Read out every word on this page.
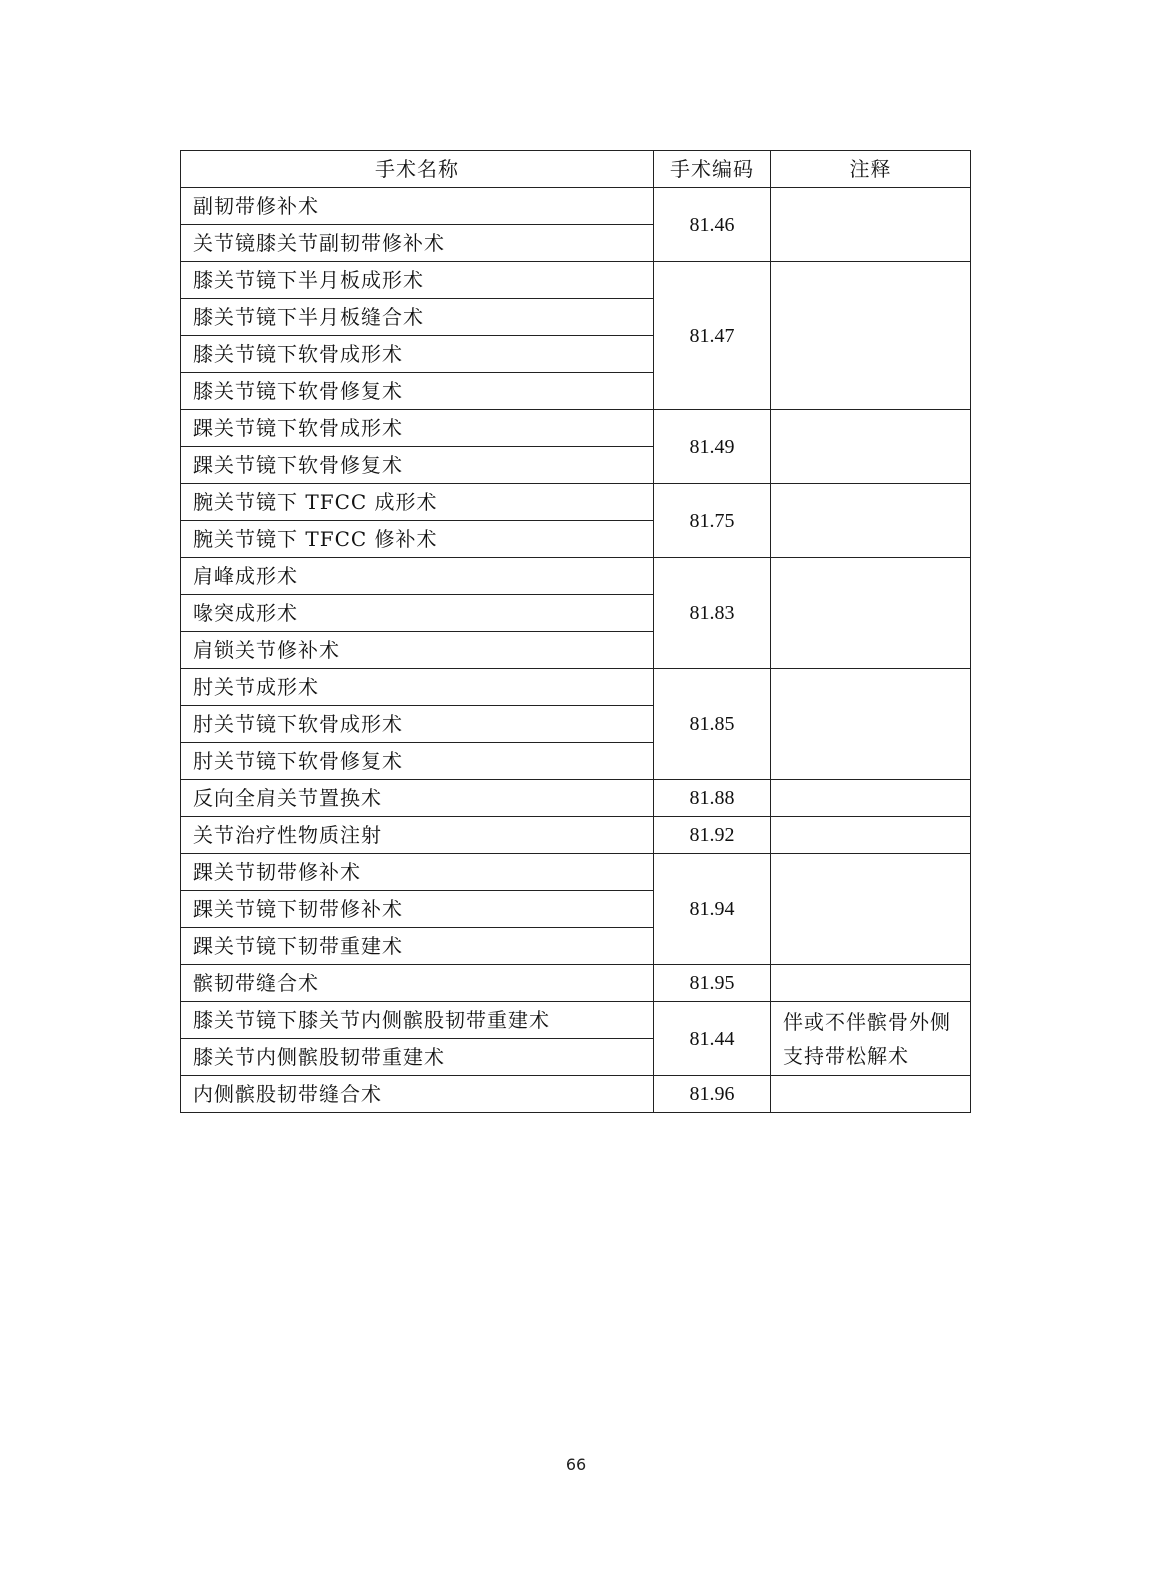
手术名称	手术编码	注释
副韧带修补术	81.46	
关节镜膝关节副韧带修补术		
膝关节镜下半月板成形术	81.47	
膝关节镜下半月板缝合术		
膝关节镜下软骨成形术		
膝关节镜下软骨修复术		
踝关节镜下软骨成形术	81.49	
踝关节镜下软骨修复术		
腕关节镜下 TFCC 成形术	81.75	
腕关节镜下 TFCC 修补术		
肩峰成形术	81.83	
喙突成形术		
肩锁关节修补术		
肘关节成形术	81.85	
肘关节镜下软骨成形术		
肘关节镜下软骨修复术		
反向全肩关节置换术	81.88	
关节治疗性物质注射	81.92	
踝关节韧带修补术	81.94	
踝关节镜下韧带修补术		
踝关节镜下韧带重建术		
髌韧带缝合术	81.95	
膝关节镜下膝关节内侧髌股韧带重建术	81.44	伴或不伴髌骨外侧支持带松解术
膝关节内侧髌股韧带重建术		
内侧髌股韧带缝合术	81.96	
66
